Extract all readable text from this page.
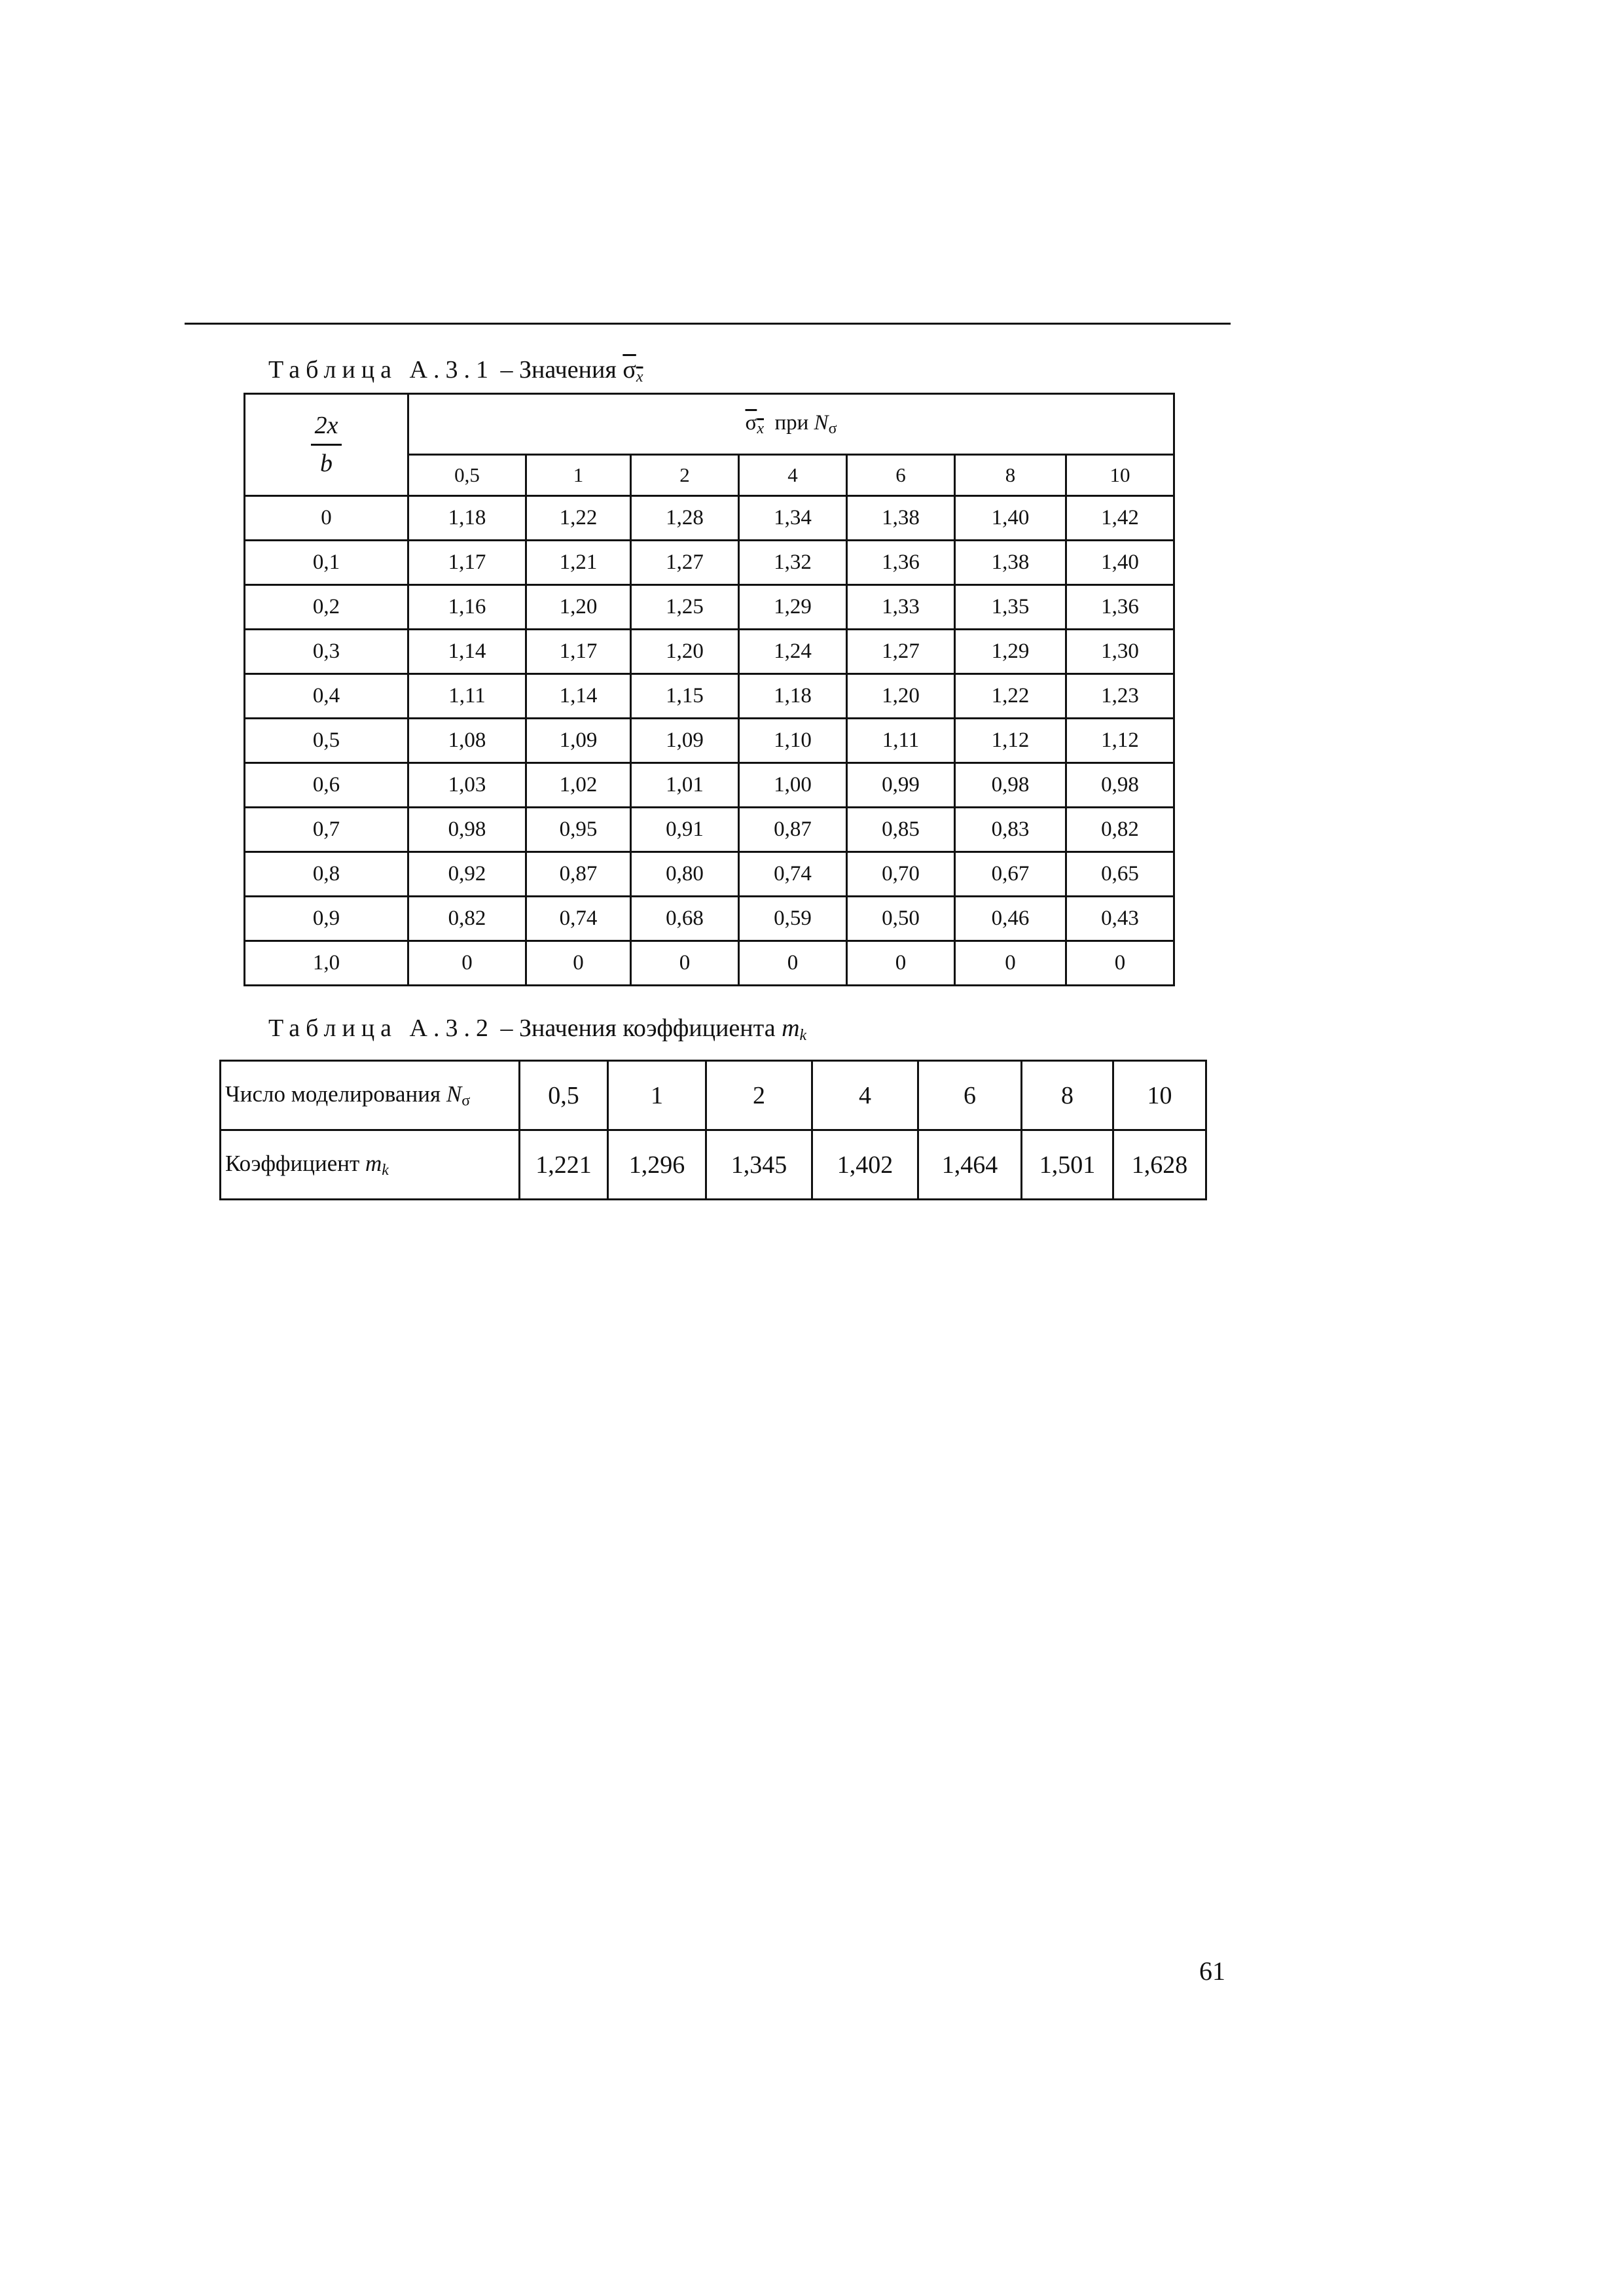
Таблица А.3.1 – Значения $\sigma_x$
$\frac{2x}{b}$	$\sigma_x$ при $N_\sigma$
	0,5	1	2	4	6	8	10
0	1,18	1,22	1,28	1,34	1,38	1,40	1,42
0,1	1,17	1,21	1,27	1,32	1,36	1,38	1,40
0,2	1,16	1,20	1,25	1,29	1,33	1,35	1,36
0,3	1,14	1,17	1,20	1,24	1,27	1,29	1,30
0,4	1,11	1,14	1,15	1,18	1,20	1,22	1,23
0,5	1,08	1,09	1,09	1,10	1,11	1,12	1,12
0,6	1,03	1,02	1,01	1,00	0,99	0,98	0,98
0,7	0,98	0,95	0,91	0,87	0,85	0,83	0,82
0,8	0,92	0,87	0,80	0,74	0,70	0,67	0,65
0,9	0,82	0,74	0,68	0,59	0,50	0,46	0,43
1,0	0	0	0	0	0	0	0
Таблица А.3.2 – Значения коэффициента $m_k$
Число моделирования $N_\sigma$	0,5	1	2	4	6	8	10
Коэффициент $m_k$	1,221	1,296	1,345	1,402	1,464	1,501	1,628
61
